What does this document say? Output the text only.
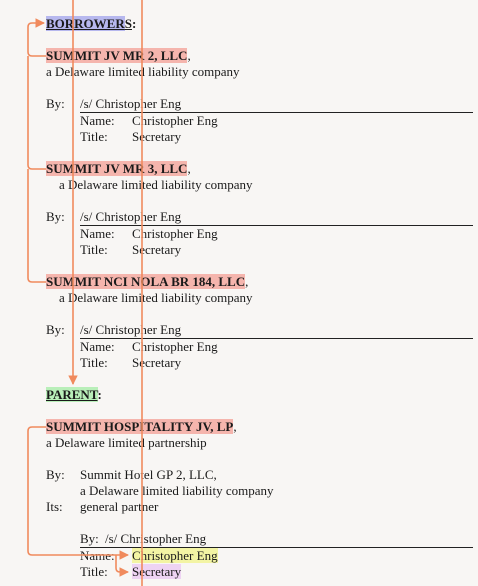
BORROWERS:
SUMMIT JV MR 2, LLC,
a Delaware limited liability company
By: /s/ Christopher Eng
Name: Christopher Eng
Title: Secretary
SUMMIT JV MR 3, LLC,
a Delaware limited liability company
By: /s/ Christopher Eng
Name: Christopher Eng
Title: Secretary
SUMMIT NCI NOLA BR 184, LLC,
a Delaware limited liability company
By: /s/ Christopher Eng
Name: Christopher Eng
Title: Secretary
PARENT:
SUMMIT HOSPITALITY JV, LP,
a Delaware limited partnership
By: Summit Hotel GP 2, LLC,
a Delaware limited liability company
Its: general partner
By: /s/ Christopher Eng
Name: Christopher Eng
Title: Secretary
